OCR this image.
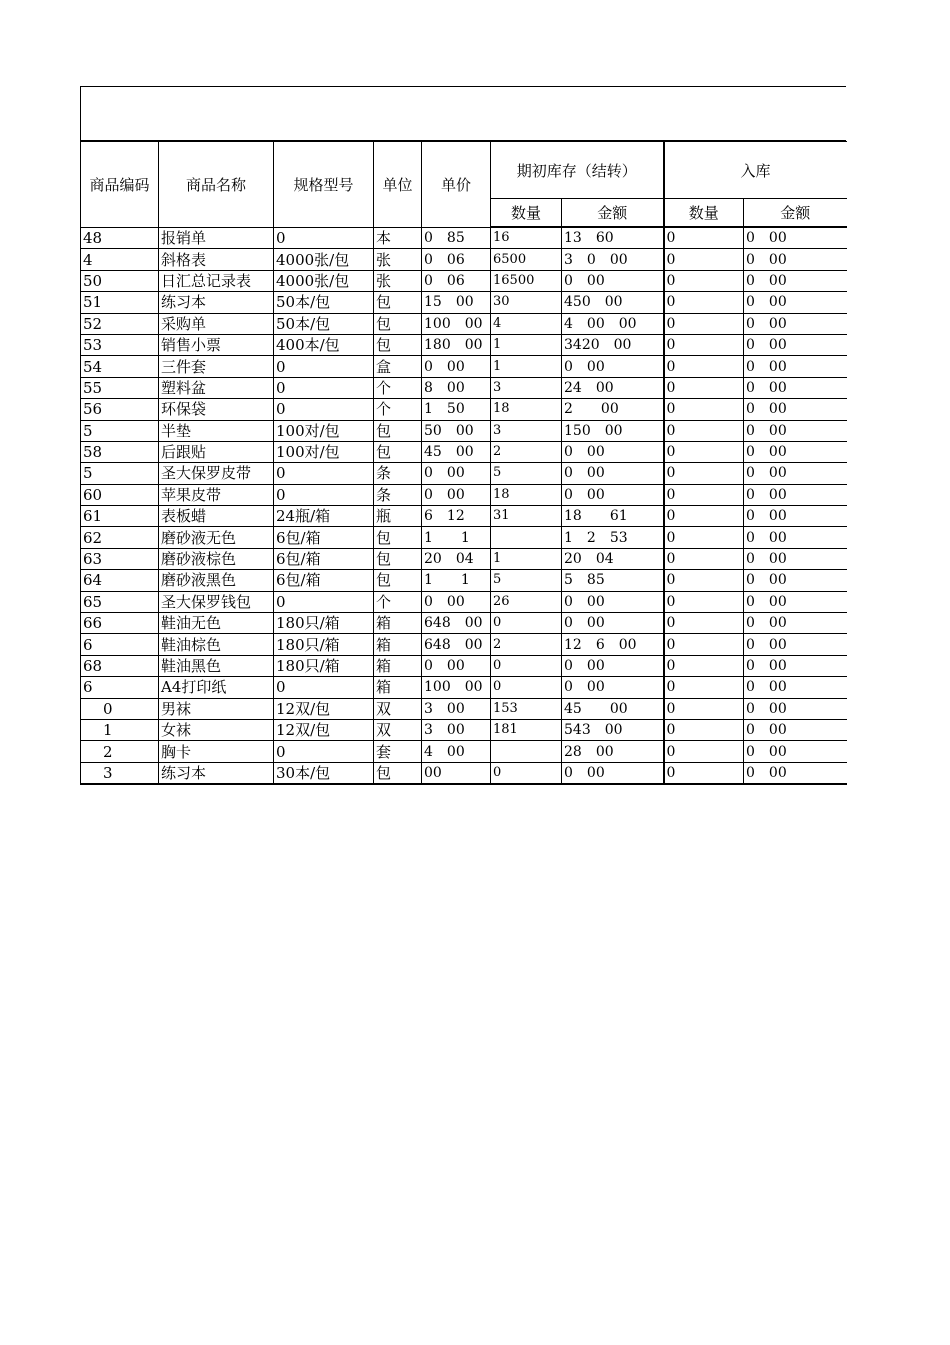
商品编码	商品名称	规格型号	单位	单价	期初库存（结转）		入库	
					数量	金额	数量	金额
48	报销单	0	本	0　85	16	13　60	0	0　00
4	斜格表	4000张/包	张	0　06	6500	3　0　00	0	0　00
50	日汇总记录表	4000张/包	张	0　06	16500	0　00	0	0　00
51	练习本	50本/包	包	15　00	30	450　00	0	0　00
52	采购单	50本/包	包	100　00	4	4　00　00	0	0　00
53	销售小票	400本/包	包	180　00	1	3420　00	0	0　00
54	三件套	0	盒	0　00	1	0　00	0	0　00
55	塑料盆	0	个	8　00	3	24　00	0	0　00
56	环保袋	0	个	1　50	18	2　　00	0	0　00
5	半垫	100对/包	包	50　00	3	150　00	0	0　00
58	后跟贴	100对/包	包	45　00	2	0　00	0	0　00
5	圣大保罗皮带	0	条	0　00	5	0　00	0	0　00
60	苹果皮带	0	条	0　00	18	0　00	0	0　00
61	表板蜡	24瓶/箱	瓶	6　12	31	18　　61	0	0　00
62	磨砂液无色	6包/箱	包	1　　1		1　2　53	0	0　00
63	磨砂液棕色	6包/箱	包	20　04	1	20　04	0	0　00
64	磨砂液黑色	6包/箱	包	1　　1	5	5　85	0	0　00
65	圣大保罗钱包	0	个	0　00	26	0　00	0	0　00
66	鞋油无色	180只/箱	箱	648　00	0	0　00	0	0　00
6	鞋油棕色	180只/箱	箱	648　00	2	12　6　00	0	0　00
68	鞋油黑色	180只/箱	箱	0　00	0	0　00	0	0　00
6	A4打印纸	0	箱	100　00	0	0　00	0	0　00
0	男袜	12双/包	双	3　00	153	45　　00	0	0　00
1	女袜	12双/包	双	3　00	181	543　00	0	0　00
2	胸卡	0	套	4　00		28　00	0	0　00
3	练习本	30本/包	包	00	0	0　00	0	0　00
